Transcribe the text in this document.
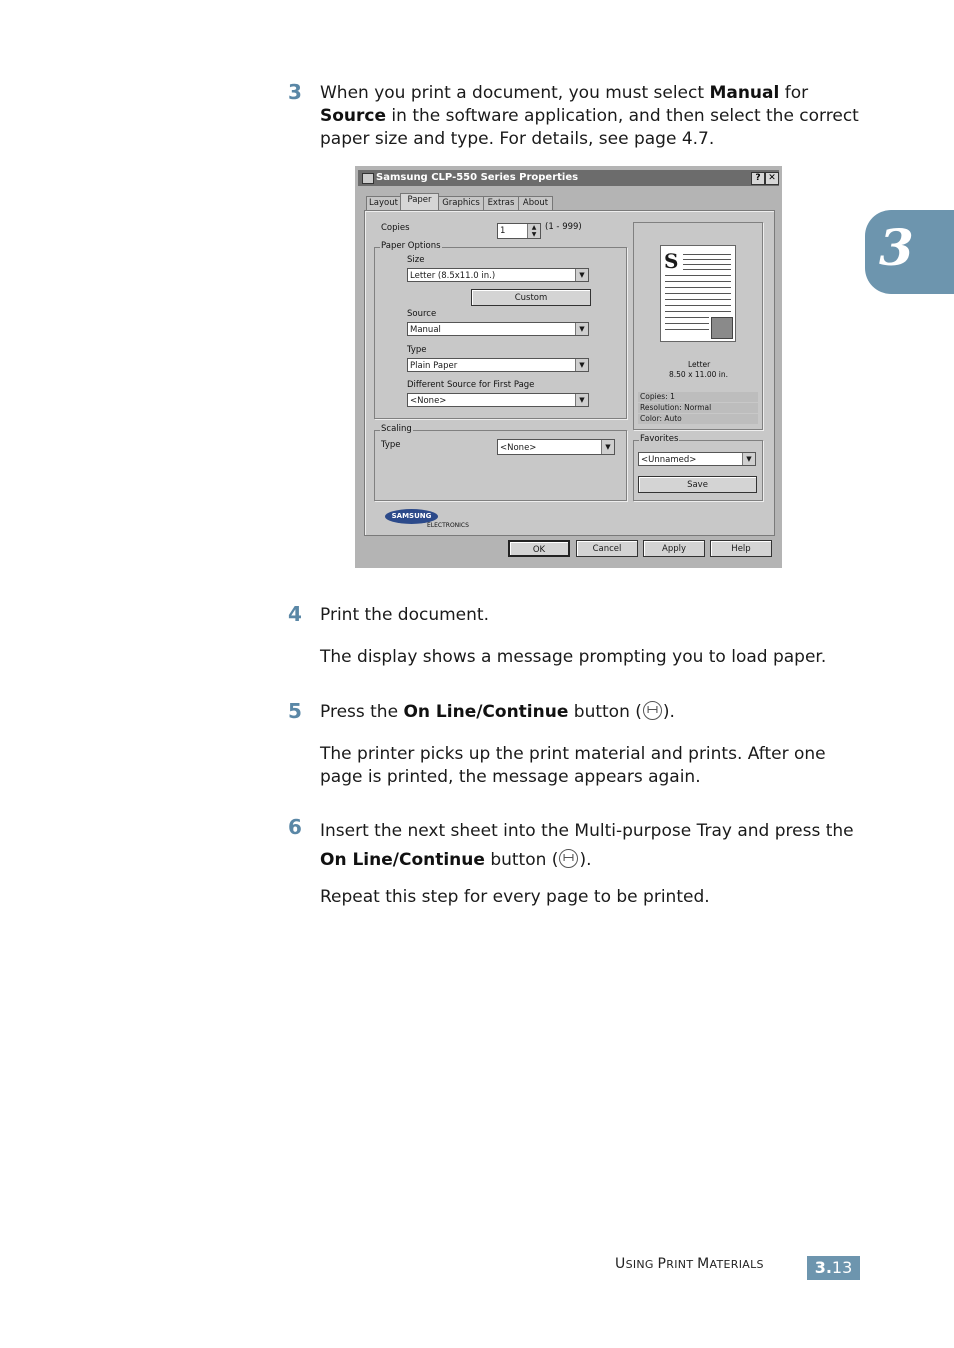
3
3 When you print a document, you must select Manual for
Source in the software application, and then select the correct paper size and type. For details, see page 4.7.
Samsung CLP-550 Series Properties	? ✕
Layout	Paper	Graphics Extras About
Copies	1	▲
▼
(1 - 999)
Paper Options
Size
Letter (8.5x11.0 in.)	▼
Custom
Source
Manual	▼
Type
Plain Paper	▼
Different Source for First Page
<None>	▼
Scaling
Type	<None>	▼
S
Letter
8.50 x 11.00 in.
Copies: 1
Resolution: Normal
Color: Auto
Favorites
<Unnamed>	▼
Save
SAMSUNG
ELECTRONICS
OK	Cancel	Apply	Help
4 Print the document.
The display shows a message prompting you to load paper.
5 Press the On Line/Continue button ( ).
The printer picks up the print material and prints. After one page is printed, the message appears again.
6 Insert the next sheet into the Multi-purpose Tray and press the On Line/Continue button ( ).
Repeat this step for every page to be printed.
USING PRINT MATERIALS	3.13
